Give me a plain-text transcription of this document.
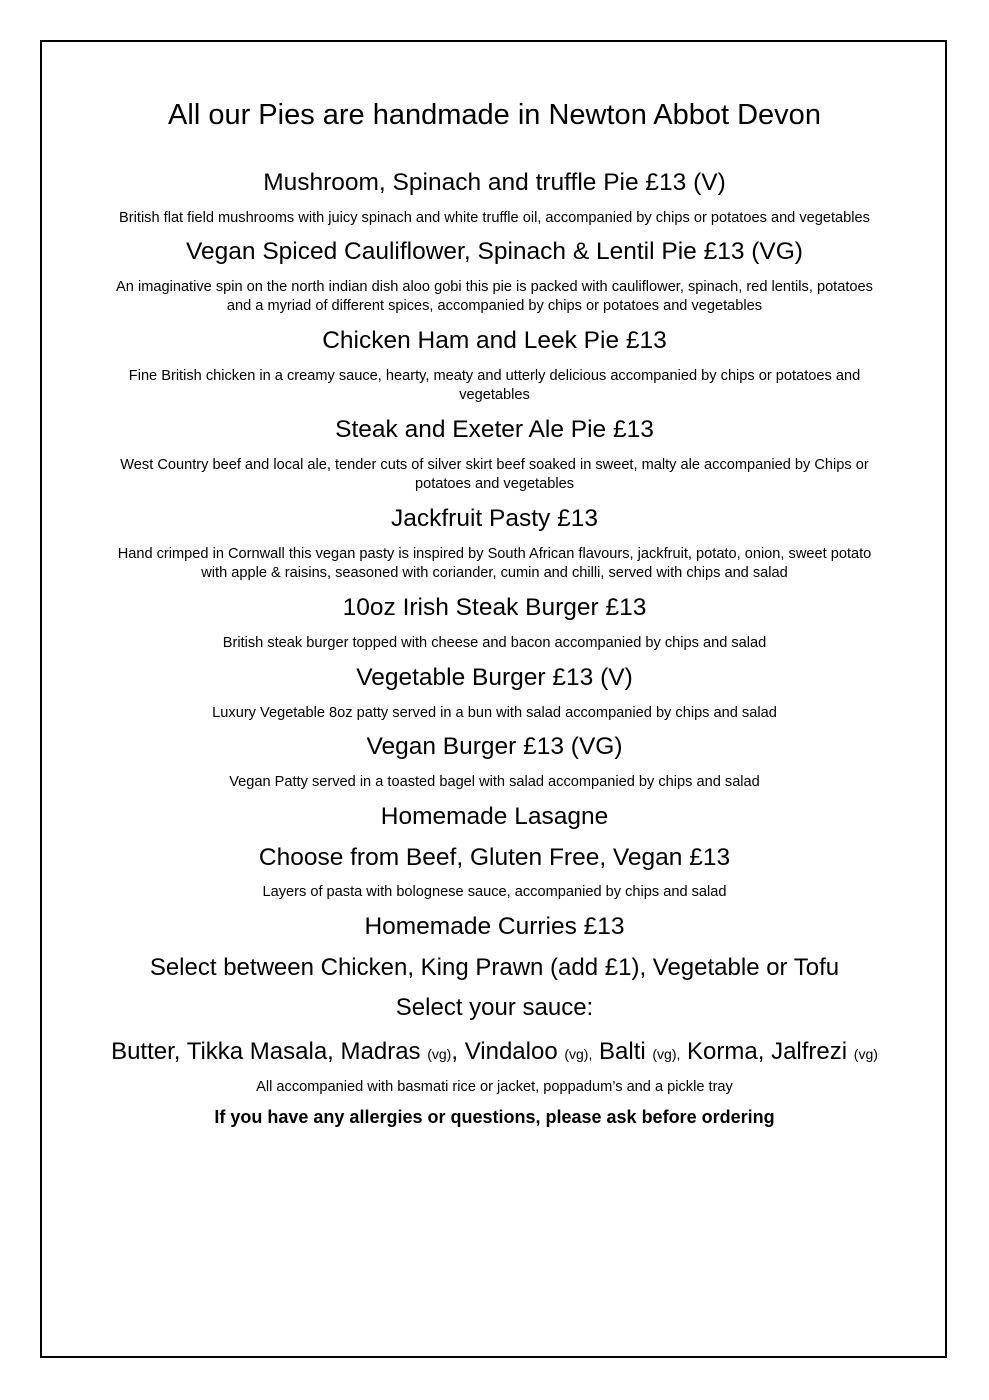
All our Pies are handmade in Newton Abbot Devon
Mushroom, Spinach and truffle Pie £13 (V)
British flat field mushrooms with juicy spinach and white truffle oil, accompanied by chips or potatoes and vegetables
Vegan Spiced Cauliflower, Spinach & Lentil Pie £13 (VG)
An imaginative spin on the north indian dish aloo gobi this pie is packed with cauliflower, spinach, red lentils, potatoes
and a myriad of different spices, accompanied by chips or potatoes and vegetables
Chicken Ham and Leek Pie £13
Fine British chicken in a creamy sauce, hearty, meaty and utterly delicious accompanied by chips or potatoes and
vegetables
Steak and Exeter Ale Pie £13
West Country beef and local ale, tender cuts of silver skirt beef soaked in sweet, malty ale accompanied by Chips or
potatoes and vegetables
Jackfruit Pasty £13
Hand crimped in Cornwall this vegan pasty is inspired by South African flavours, jackfruit, potato, onion, sweet potato
with apple & raisins, seasoned with coriander, cumin and chilli, served with chips and salad
10oz Irish Steak Burger £13
British steak burger topped with cheese and bacon accompanied by chips and salad
Vegetable Burger £13 (V)
Luxury Vegetable 8oz patty served in a bun with salad accompanied by chips and salad
Vegan Burger £13 (VG)
Vegan Patty served in a toasted bagel with salad accompanied by chips and salad
Homemade Lasagne
Choose from Beef, Gluten Free, Vegan £13
Layers of pasta with bolognese sauce, accompanied by chips and salad
Homemade Curries £13
Select between Chicken, King Prawn (add £1), Vegetable or Tofu
Select your sauce:
Butter, Tikka Masala, Madras (vg), Vindaloo (vg), Balti (vg), Korma, Jalfrezi (vg)
All accompanied with basmati rice or jacket, poppadum’s and a pickle tray
If you have any allergies or questions, please ask before ordering
